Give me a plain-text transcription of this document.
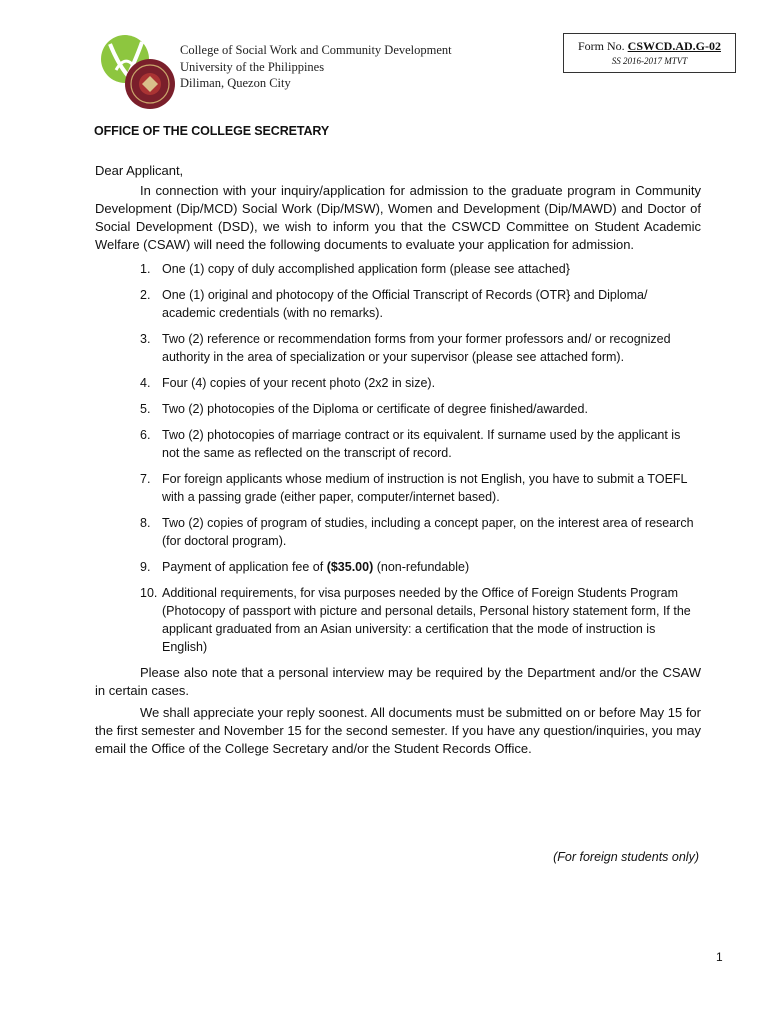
College of Social Work and Community Development
University of the Philippines
Diliman, Quezon City
Form No. CSWCD.AD.G-02
SS 2016-2017 MTVT
OFFICE OF THE COLLEGE SECRETARY

Dear Applicant,

In connection with your inquiry/application for admission to the graduate program in Community Development (Dip/MCD) Social Work (Dip/MSW), Women and Development (Dip/MAWD) and Doctor of Social Development (DSD), we wish to inform you that the CSWCD Committee on Student Academic Welfare (CSAW) will need the following documents to evaluate your application for admission.

1. One (1) copy of duly accomplished application form (please see attached}
2. One (1) original and photocopy of the Official Transcript of Records (OTR} and Diploma/ academic credentials (with no remarks).
3. Two (2) reference or recommendation forms from your former professors and/ or recognized authority in the area of specialization or your supervisor (please see attached form).
4. Four (4) copies of your recent photo (2x2 in size).
5. Two (2) photocopies of the Diploma or certificate of degree finished/awarded.
6. Two (2) photocopies of marriage contract or its equivalent. If surname used by the applicant is not the same as reflected on the transcript of record.
7. For foreign applicants whose medium of instruction is not English, you have to submit a TOEFL with a passing grade (either paper, computer/internet based).
8. Two (2) copies of program of studies, including a concept paper, on the interest area of research (for doctoral program).
9. Payment of application fee of ($35.00) (non-refundable)
10. Additional requirements, for visa purposes needed by the Office of Foreign Students Program (Photocopy of passport with picture and personal details, Personal history statement form, If the applicant graduated from an Asian university: a certification that the mode of instruction is English)

Please also note that a personal interview may be required by the Department and/or the CSAW in certain cases.

We shall appreciate your reply soonest. All documents must be submitted on or before May 15 for the first semester and November 15 for the second semester. If you have any question/inquiries, you may email the Office of the College Secretary and/or the Student Records Office.

(For foreign students only)
1
